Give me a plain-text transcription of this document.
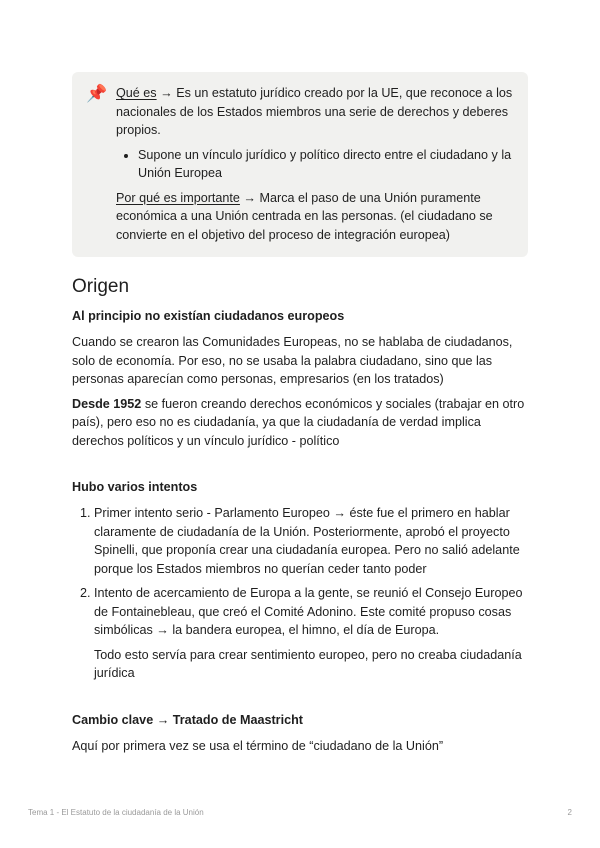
📌 Qué es → Es un estatuto jurídico creado por la UE, que reconoce a los nacionales de los Estados miembros una serie de derechos y deberes propios.

• Supone un vínculo jurídico y político directo entre el ciudadano y la Unión Europea

Por qué es importante → Marca el paso de una Unión puramente económica a una Unión centrada en las personas. (el ciudadano se convierte en el objetivo del proceso de integración europea)

Origen

Al principio no existían ciudadanos europeos

Cuando se crearon las Comunidades Europeas, no se hablaba de ciudadanos, solo de economía. Por eso, no se usaba la palabra ciudadano, sino que las personas aparecían como personas, empresarios (en los tratados)

Desde 1952 se fueron creando derechos económicos y sociales (trabajar en otro país), pero eso no es ciudadanía, ya que la ciudadanía de verdad implica derechos políticos y un vínculo jurídico - político

Hubo varios intentos

1. Primer intento serio - Parlamento Europeo → éste fue el primero en hablar claramente de ciudadanía de la Unión. Posteriormente, aprobó el proyecto Spinelli, que proponía crear una ciudadanía europea. Pero no salió adelante porque los Estados miembros no querían ceder tanto poder

2. Intento de acercamiento de Europa a la gente, se reunió el Consejo Europeo de Fontainebleau, que creó el Comité Adonino. Este comité propuso cosas simbólicas → la bandera europea, el himno, el día de Europa.

Todo esto servía para crear sentimiento europeo, pero no creaba ciudadanía jurídica

Cambio clave → Tratado de Maastricht

Aquí por primera vez se usa el término de “ciudadano de la Unión”

Tema 1 - El Estatuto de la ciudadanía de la Unión	2
